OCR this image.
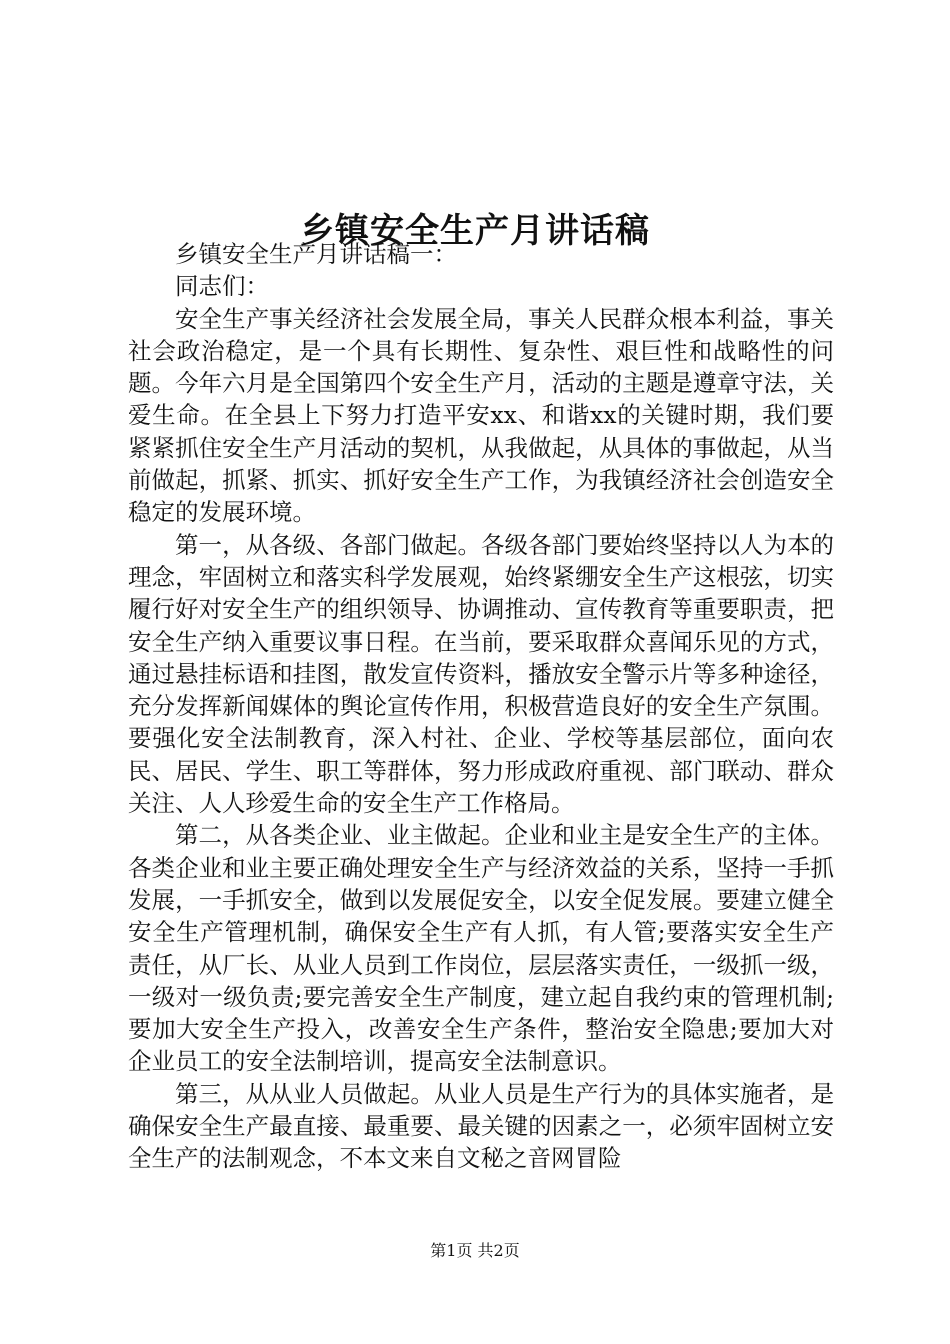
乡镇安全生产月讲话稿

乡镇安全生产月讲话稿一：

同志们：

安全生产事关经济社会发展全局，事关人民群众根本利益，事关社会政治稳定，是一个具有长期性、复杂性、艰巨性和战略性的问题。今年六月是全国第四个安全生产月，活动的主题是遵章守法，关爱生命。在全县上下努力打造平安xx、和谐xx的关键时期，我们要紧紧抓住安全生产月活动的契机，从我做起，从具体的事做起，从当前做起，抓紧、抓实、抓好安全生产工作，为我镇经济社会创造安全稳定的发展环境。

第一，从各级、各部门做起。各级各部门要始终坚持以人为本的理念，牢固树立和落实科学发展观，始终紧绷安全生产这根弦，切实履行好对安全生产的组织领导、协调推动、宣传教育等重要职责，把安全生产纳入重要议事日程。在当前，要采取群众喜闻乐见的方式，通过悬挂标语和挂图，散发宣传资料，播放安全警示片等多种途径，充分发挥新闻媒体的舆论宣传作用，积极营造良好的安全生产氛围。要强化安全法制教育，深入村社、企业、学校等基层部位，面向农民、居民、学生、职工等群体，努力形成政府重视、部门联动、群众关注、人人珍爱生命的安全生产工作格局。

第二，从各类企业、业主做起。企业和业主是安全生产的主体。各类企业和业主要正确处理安全生产与经济效益的关系，坚持一手抓发展，一手抓安全，做到以发展促安全，以安全促发展。要建立健全安全生产管理机制，确保安全生产有人抓，有人管;要落实安全生产责任，从厂长、从业人员到工作岗位，层层落实责任，一级抓一级，一级对一级负责;要完善安全生产制度，建立起自我约束的管理机制;要加大安全生产投入，改善安全生产条件，整治安全隐患;要加大对企业员工的安全法制培训，提高安全法制意识。

第三，从从业人员做起。从业人员是生产行为的具体实施者，是确保安全生产最直接、最重要、最关键的因素之一，必须牢固树立安全生产的法制观念，不本文来自文秘之音网冒险

第1页 共2页
